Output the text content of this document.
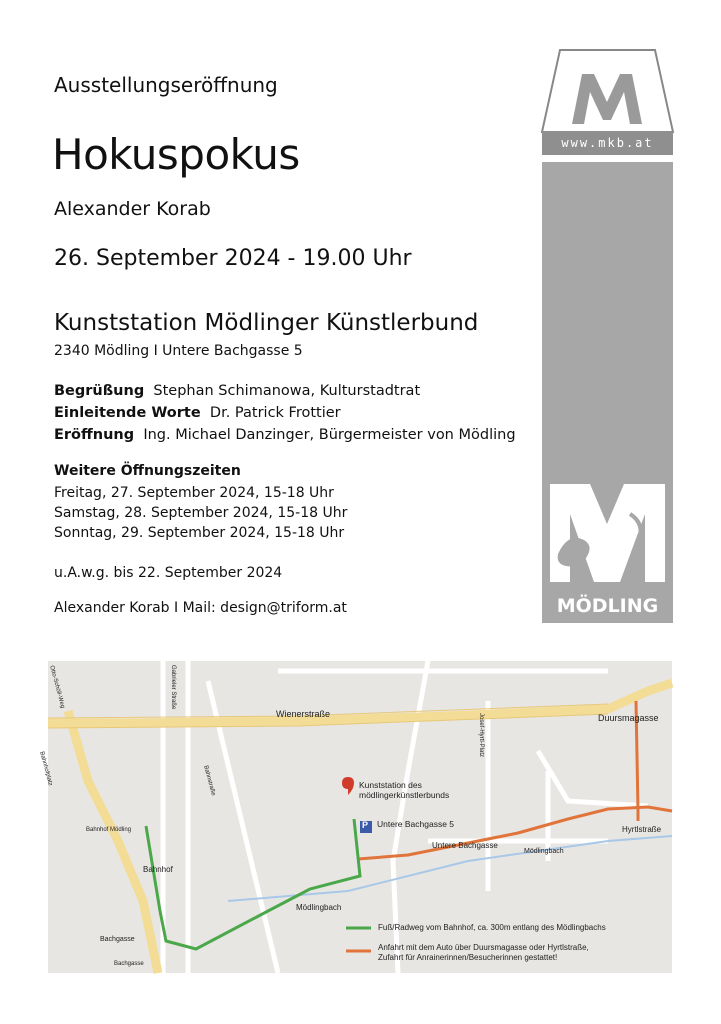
Ausstellungseröffnung
Hokuspokus
Alexander Korab
26. September 2024 - 19.00 Uhr
Kunststation Mödlinger Künstlerbund
2340 Mödling I Untere Bachgasse 5
Begrüßung Stephan Schimanowa, Kulturstadtrat
Einleitende Worte Dr. Patrick Frottier
Eröffnung Ing. Michael Danzinger, Bürgermeister von Mödling
Weitere Öffnungszeiten
Freitag, 27. September 2024, 15-18 Uhr
Samstag, 28. September 2024, 15-18 Uhr
Sonntag, 29. September 2024, 15-18 Uhr
u.A.w.g. bis 22. September 2024
Alexander Korab I Mail: design@triform.at
www.mkb.at
MÖDLING
Wienerstraße	Duursmagasse
Hyrtlstraße
Untere Bachgasse
Mödlingbach
Mödlingbach
Bahnhof
Bahnhof Mödling
Bachgasse
Bachgasse
Bahnhofplatz
Josef-Hyrtl-Platz
Gabrieler Straße
Bahnstraße
Otto-Schöll-Weg
Kunststation des
mödlingerkünstlerbunds
P Untere Bachgasse 5
Fuß/Radweg vom Bahnhof, ca. 300m entlang des Mödlingbachs
Anfahrt mit dem Auto über Duursmagasse oder Hyrtlstraße,
Zufahrt für Anrainerinnen/Besucherinnen gestattet!
